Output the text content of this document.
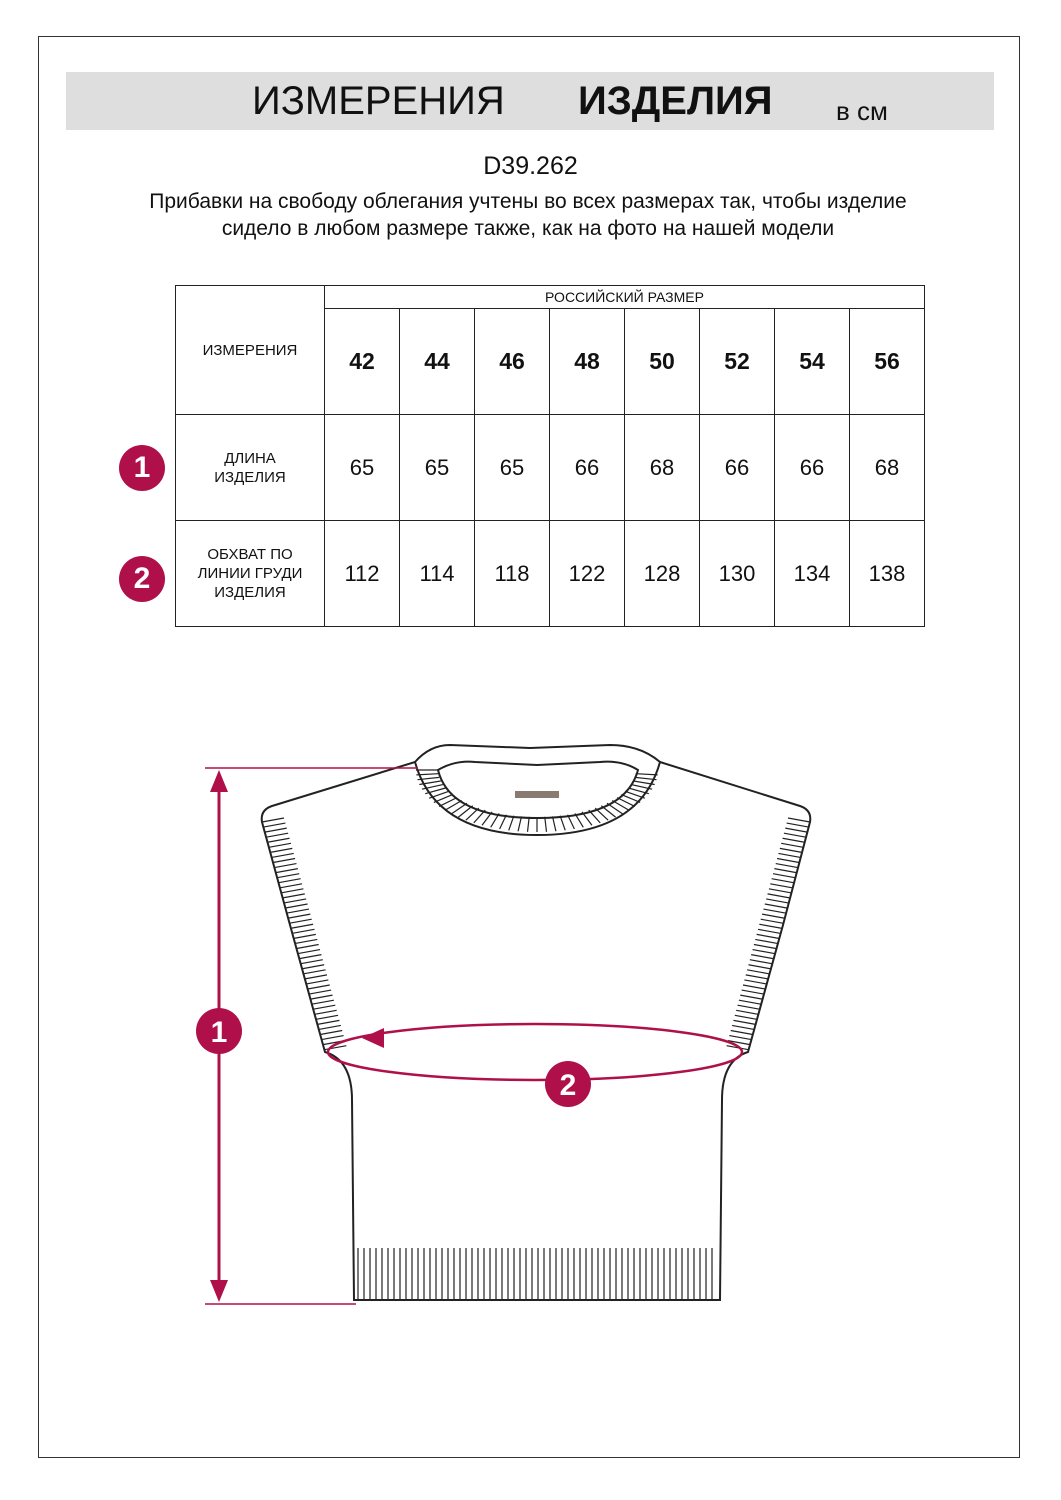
ИЗМЕРЕНИЯ ИЗДЕЛИЯ в см
D39.262
Прибавки на свободу облегания учтены во всех размерах так, чтобы изделие сидело в любом размере также, как на фото на нашей модели
ИЗМЕРЕНИЯ	РОССИЙСКИЙ РАЗМЕР							
	42	44	46	48	50	52	54	56
ДЛИНА ИЗДЕЛИЯ	65	65	65	66	68	66	66	68
ОБХВАТ ПО ЛИНИИ ГРУДИ ИЗДЕЛИЯ	112	114	118	122	128	130	134	138
1
2
1
2
